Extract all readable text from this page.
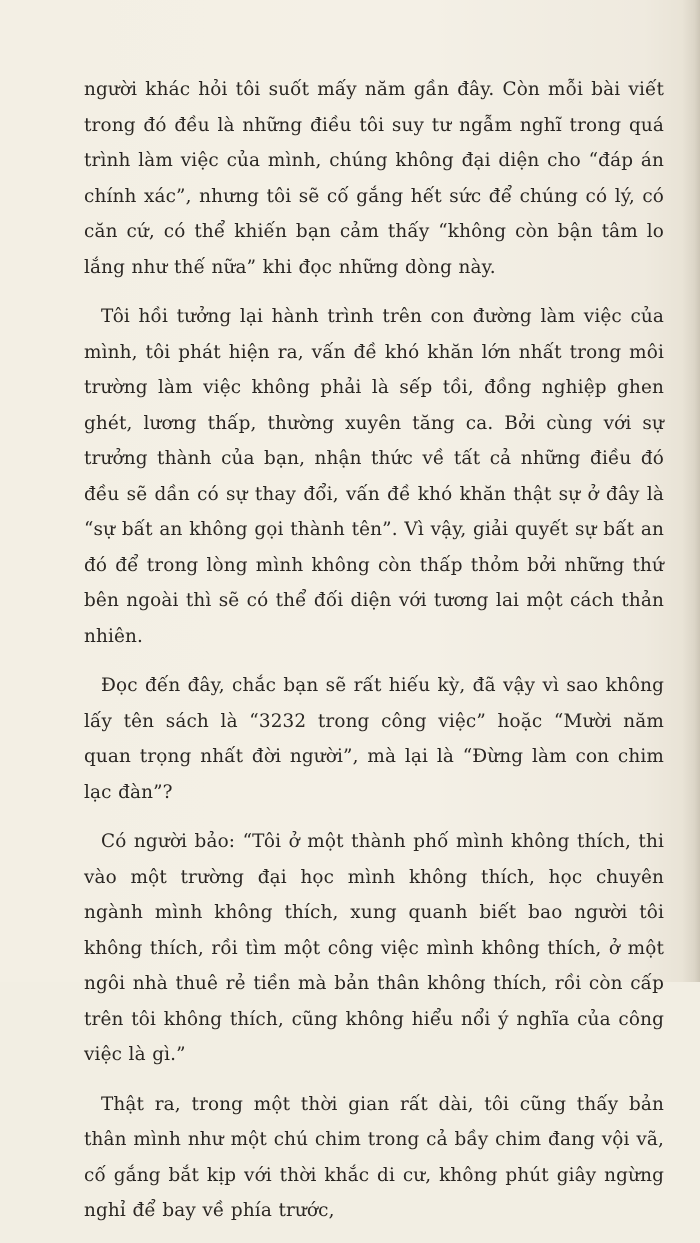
người khác hỏi tôi suốt mấy năm gần đây. Còn mỗi bài viết trong đó đều là những điều tôi suy tư ngẫm nghĩ trong quá trình làm việc của mình, chúng không đại diện cho “đáp án chính xác”, nhưng tôi sẽ cố gắng hết sức để chúng có lý, có căn cứ, có thể khiến bạn cảm thấy “không còn bận tâm lo lắng như thế nữa” khi đọc những dòng này.

Tôi hồi tưởng lại hành trình trên con đường làm việc của mình, tôi phát hiện ra, vấn đề khó khăn lớn nhất trong môi trường làm việc không phải là sếp tồi, đồng nghiệp ghen ghét, lương thấp, thường xuyên tăng ca. Bởi cùng với sự trưởng thành của bạn, nhận thức về tất cả những điều đó đều sẽ dần có sự thay đổi, vấn đề khó khăn thật sự ở đây là “sự bất an không gọi thành tên”. Vì vậy, giải quyết sự bất an đó để trong lòng mình không còn thấp thỏm bởi những thứ bên ngoài thì sẽ có thể đối diện với tương lai một cách thản nhiên.

Đọc đến đây, chắc bạn sẽ rất hiếu kỳ, đã vậy vì sao không lấy tên sách là “3232 trong công việc” hoặc “Mười năm quan trọng nhất đời người”, mà lại là “Đừng làm con chim lạc đàn”?

Có người bảo: “Tôi ở một thành phố mình không thích, thi vào một trường đại học mình không thích, học chuyên ngành mình không thích, xung quanh biết bao người tôi không thích, rồi tìm một công việc mình không thích, ở một ngôi nhà thuê rẻ tiền mà bản thân không thích, rồi còn cấp trên tôi không thích, cũng không hiểu nổi ý nghĩa của công việc là gì.”

Thật ra, trong một thời gian rất dài, tôi cũng thấy bản thân mình như một chú chim trong cả bầy chim đang vội vã, cố gắng bắt kịp với thời khắc di cư, không phút giây ngừng nghỉ để bay về phía trước,
